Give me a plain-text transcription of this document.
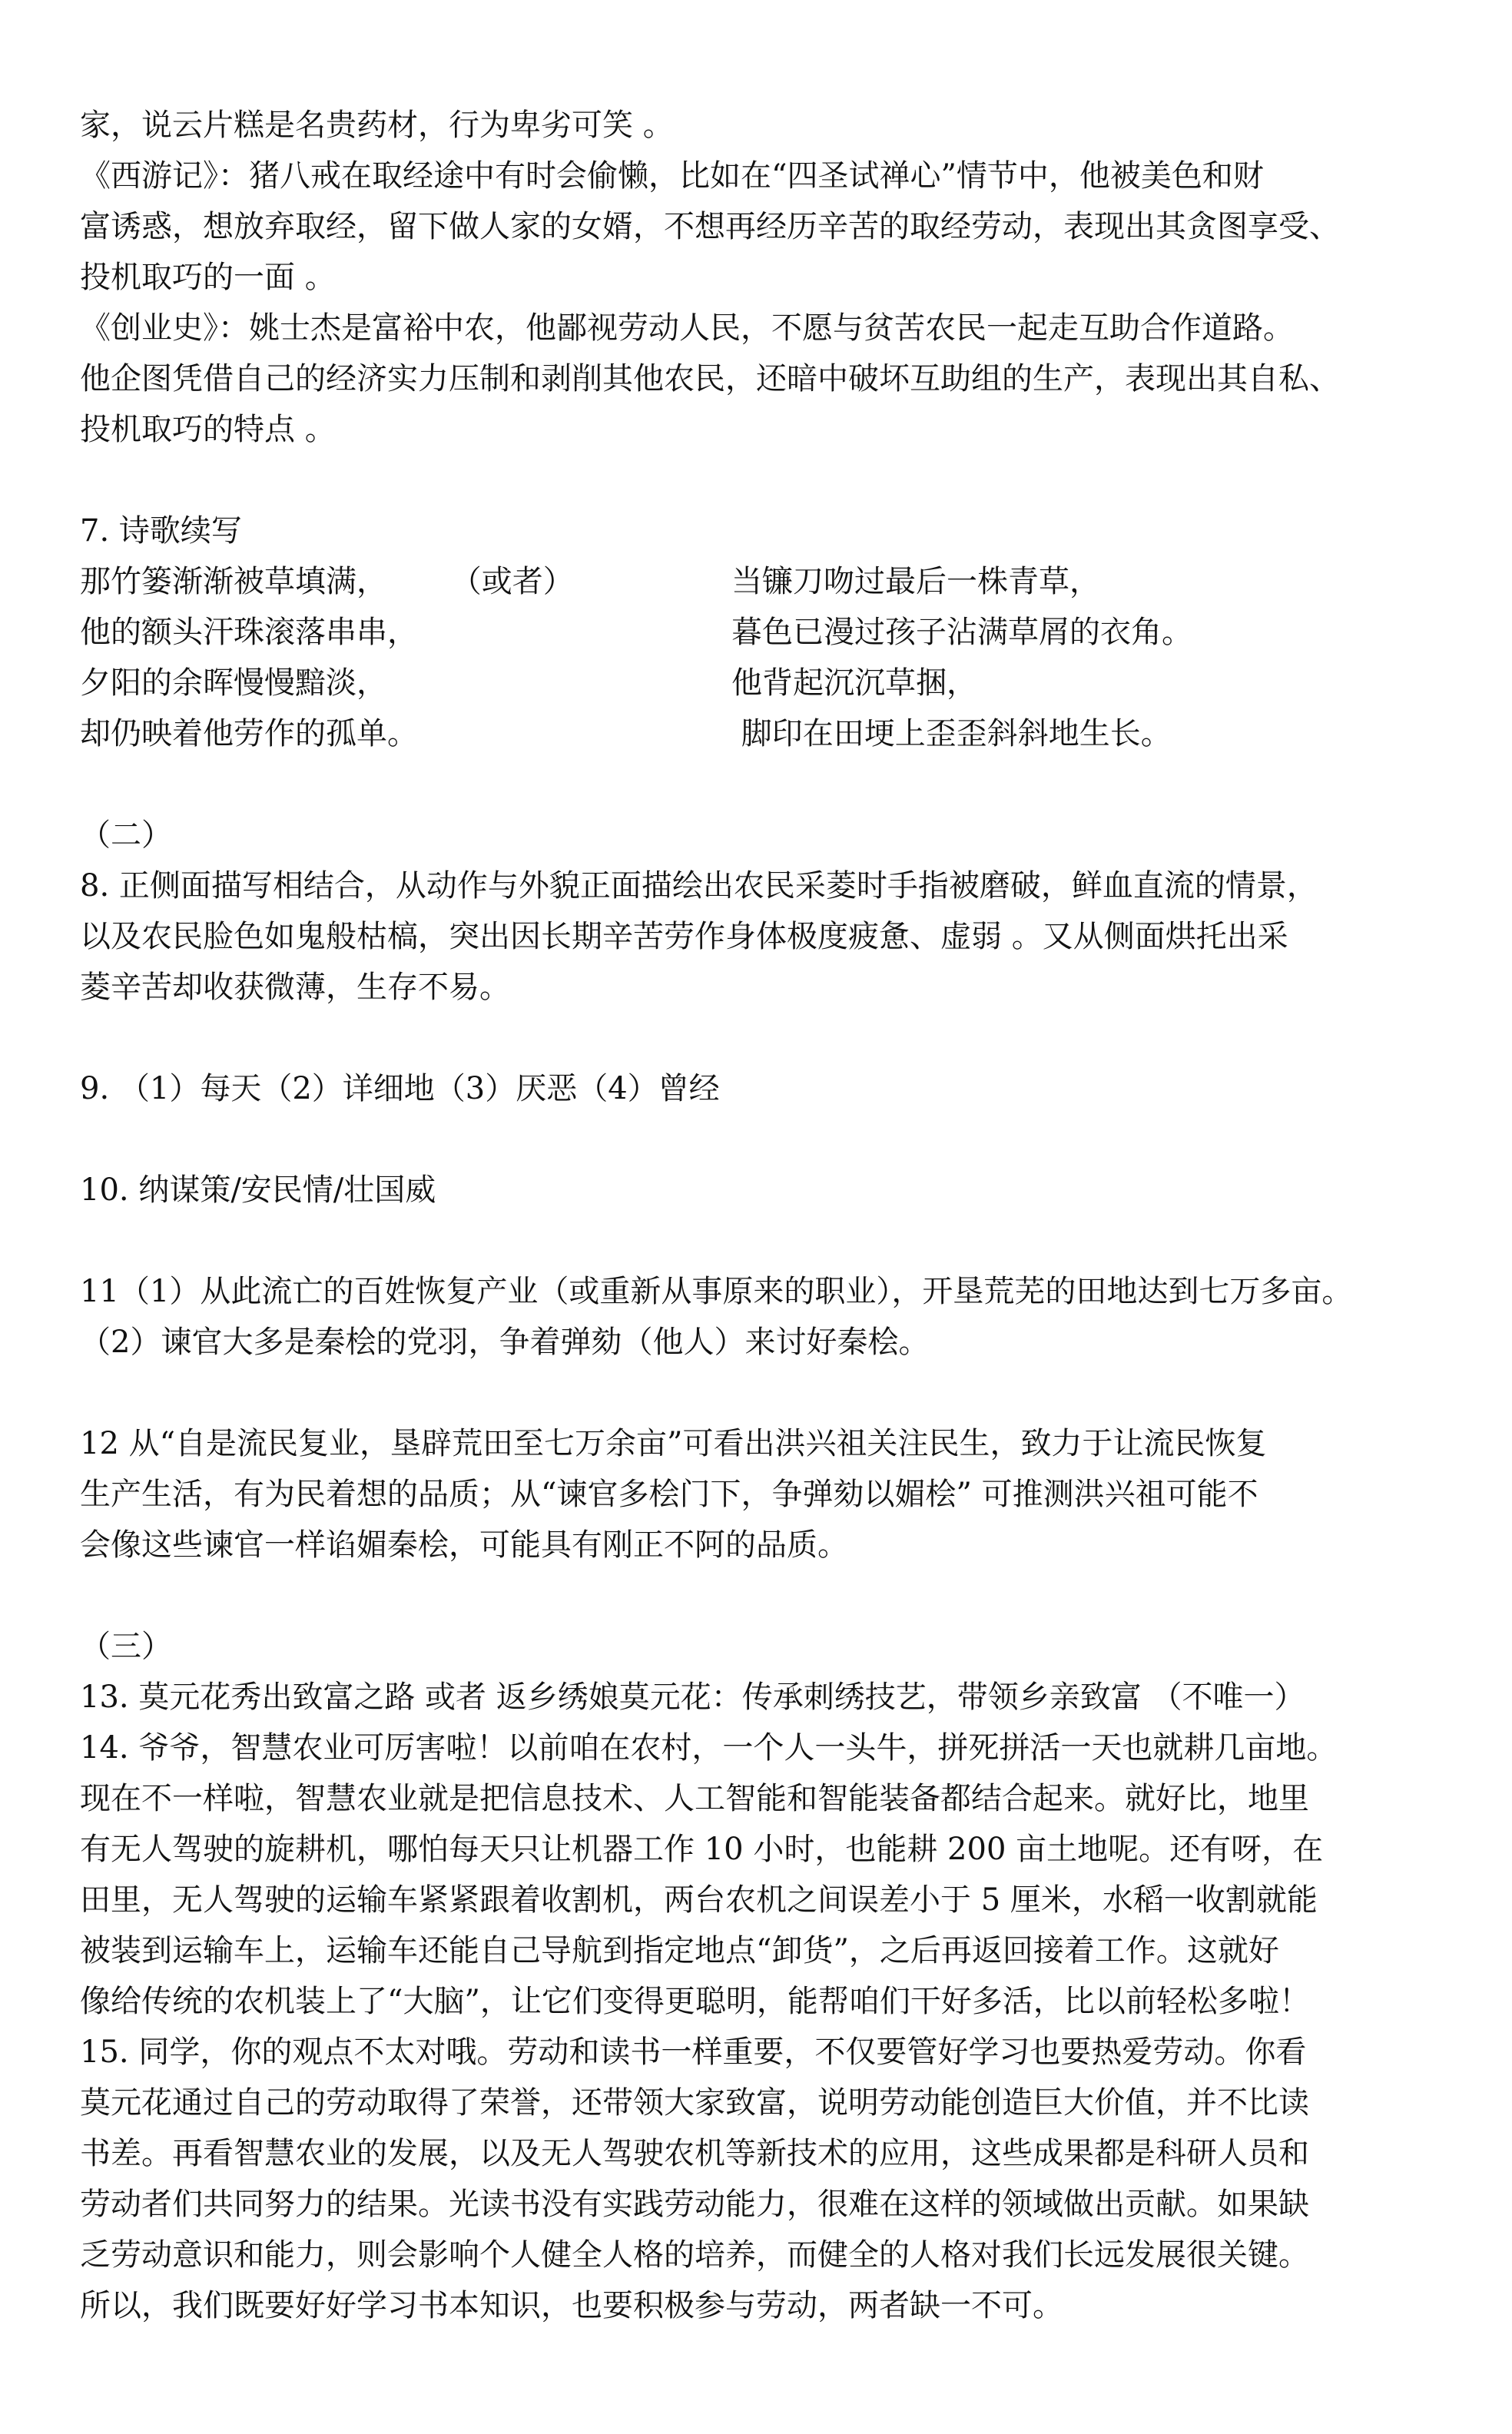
家，说云片糕是名贵药材，行为卑劣可笑 。
《西游记》：猪八戒在取经途中有时会偷懒，比如在“四圣试禅心”情节中，他被美色和财
富诱惑，想放弃取经，留下做人家的女婿，不想再经历辛苦的取经劳动，表现出其贪图享受、
投机取巧的一面 。
《创业史》：姚士杰是富裕中农，他鄙视劳动人民，不愿与贫苦农民一起走互助合作道路。
他企图凭借自己的经济实力压制和剥削其他农民，还暗中破坏互助组的生产，表现出其自私、
投机取巧的特点 。
7. 诗歌续写
那竹篓渐渐被草填满， （或者）	当镰刀吻过最后一株青草，
他的额头汗珠滚落串串，	暮色已漫过孩子沾满草屑的衣角。
夕阳的余晖慢慢黯淡，	他背起沉沉草捆，
却仍映着他劳作的孤单。	脚印在田埂上歪歪斜斜地生长。
（二）
8. 正侧面描写相结合，从动作与外貌正面描绘出农民采菱时手指被磨破，鲜血直流的情景，
以及农民脸色如鬼般枯槁，突出因长期辛苦劳作身体极度疲惫、虚弱 。又从侧面烘托出采
菱辛苦却收获微薄，生存不易。
9. （1）每天（2）详细地（3）厌恶（4）曾经
10. 纳谋策/安民情/壮国威
11（1）从此流亡的百姓恢复产业（或重新从事原来的职业），开垦荒芜的田地达到七万多亩。
（2）谏官大多是秦桧的党羽，争着弹劾（他人）来讨好秦桧。
12 从“自是流民复业，垦辟荒田至七万余亩”可看出洪兴祖关注民生，致力于让流民恢复
生产生活，有为民着想的品质；从“谏官多桧门下，争弹劾以媚桧” 可推测洪兴祖可能不
会像这些谏官一样谄媚秦桧，可能具有刚正不阿的品质。
（三）
13. 莫元花秀出致富之路 或者 返乡绣娘莫元花：传承刺绣技艺，带领乡亲致富 （不唯一）
14. 爷爷，智慧农业可厉害啦！以前咱在农村，一个人一头牛，拼死拼活一天也就耕几亩地。
现在不一样啦，智慧农业就是把信息技术、人工智能和智能装备都结合起来。就好比，地里
有无人驾驶的旋耕机，哪怕每天只让机器工作 10 小时，也能耕 200 亩土地呢。还有呀，在
田里，无人驾驶的运输车紧紧跟着收割机，两台农机之间误差小于 5 厘米，水稻一收割就能
被装到运输车上，运输车还能自己导航到指定地点“卸货”，之后再返回接着工作。这就好
像给传统的农机装上了“大脑”，让它们变得更聪明，能帮咱们干好多活，比以前轻松多啦！
15. 同学，你的观点不太对哦。劳动和读书一样重要，不仅要管好学习也要热爱劳动。你看
莫元花通过自己的劳动取得了荣誉，还带领大家致富，说明劳动能创造巨大价值，并不比读
书差。再看智慧农业的发展，以及无人驾驶农机等新技术的应用，这些成果都是科研人员和
劳动者们共同努力的结果。光读书没有实践劳动能力，很难在这样的领域做出贡献。如果缺
乏劳动意识和能力，则会影响个人健全人格的培养，而健全的人格对我们长远发展很关键。
所以，我们既要好好学习书本知识，也要积极参与劳动，两者缺一不可。
